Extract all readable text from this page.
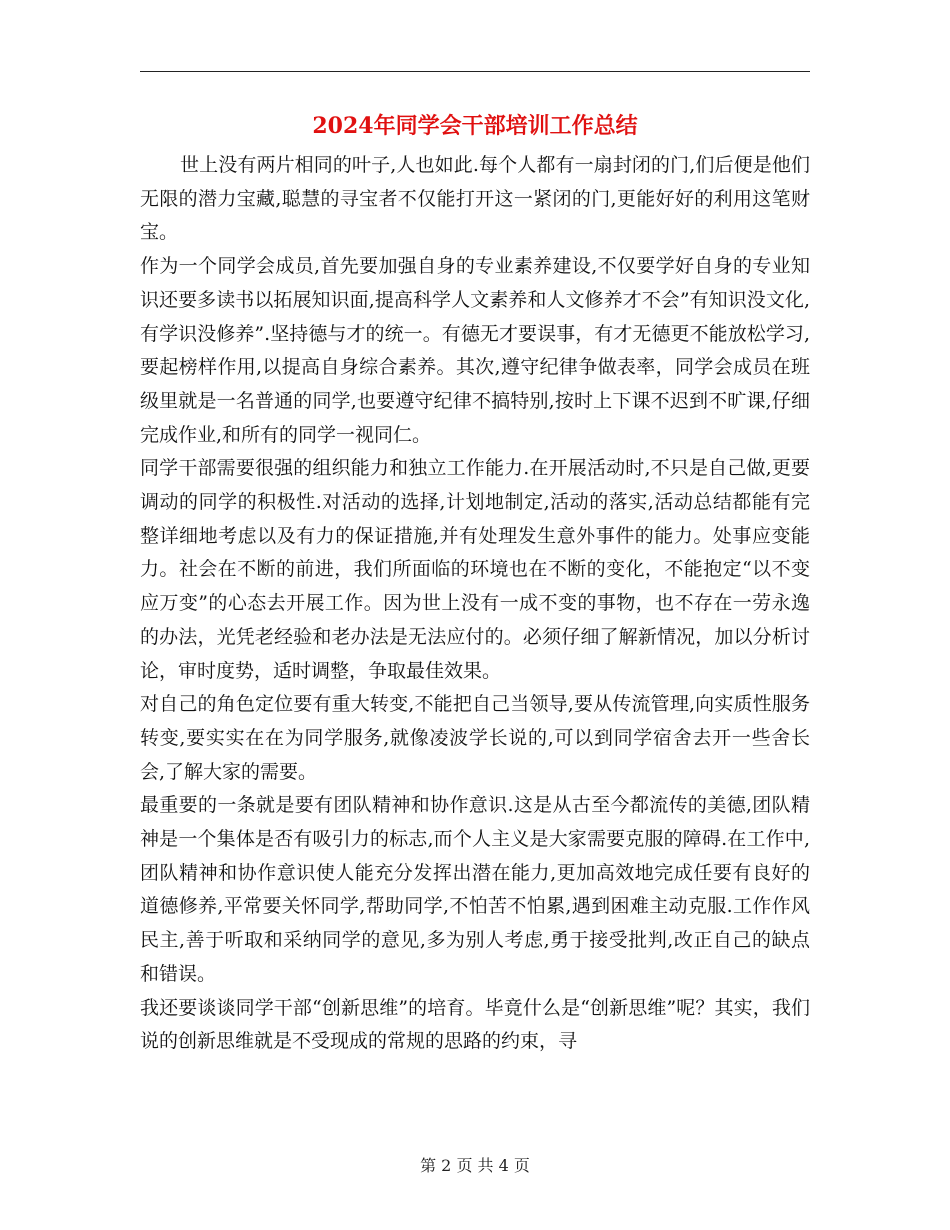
2024年同学会干部培训工作总结

世上没有两片相同的叶子,人也如此.每个人都有一扇封闭的门,们后便是他们无限的潜力宝藏,聪慧的寻宝者不仅能打开这一紧闭的门,更能好好的利用这笔财宝。

作为一个同学会成员,首先要加强自身的专业素养建设,不仅要学好自身的专业知识还要多读书以拓展知识面,提高科学人文素养和人文修养才不会”有知识没文化,有学识没修养”.坚持德与才的统一。有德无才要误事，有才无德更不能放松学习,要起榜样作用,以提高自身综合素养。其次,遵守纪律争做表率，同学会成员在班级里就是一名普通的同学,也要遵守纪律不搞特别,按时上下课不迟到不旷课,仔细完成作业,和所有的同学一视同仁。

同学干部需要很强的组织能力和独立工作能力.在开展活动时,不只是自己做,更要调动的同学的积极性.对活动的选择,计划地制定,活动的落实,活动总结都能有完整详细地考虑以及有力的保证措施,并有处理发生意外事件的能力。处事应变能力。社会在不断的前进，我们所面临的环境也在不断的变化，不能抱定“以不变应万变”的心态去开展工作。因为世上没有一成不变的事物，也不存在一劳永逸的办法，光凭老经验和老办法是无法应付的。必须仔细了解新情况，加以分析讨论，审时度势，适时调整，争取最佳效果。

对自己的角色定位要有重大转变,不能把自己当领导,要从传流管理,向实质性服务转变,要实实在在为同学服务,就像凌波学长说的,可以到同学宿舍去开一些舍长会,了解大家的需要。

最重要的一条就是要有团队精神和协作意识.这是从古至今都流传的美德,团队精神是一个集体是否有吸引力的标志,而个人主义是大家需要克服的障碍.在工作中,团队精神和协作意识使人能充分发挥出潜在能力,更加高效地完成任要有良好的道德修养,平常要关怀同学,帮助同学,不怕苦不怕累,遇到困难主动克服.工作作风民主,善于听取和采纳同学的意见,多为别人考虑,勇于接受批判,改正自己的缺点和错误。

我还要谈谈同学干部“创新思维”的培育。毕竟什么是“创新思维”呢？其实，我们说的创新思维就是不受现成的常规的思路的约束，寻

第 2 页 共 4 页
